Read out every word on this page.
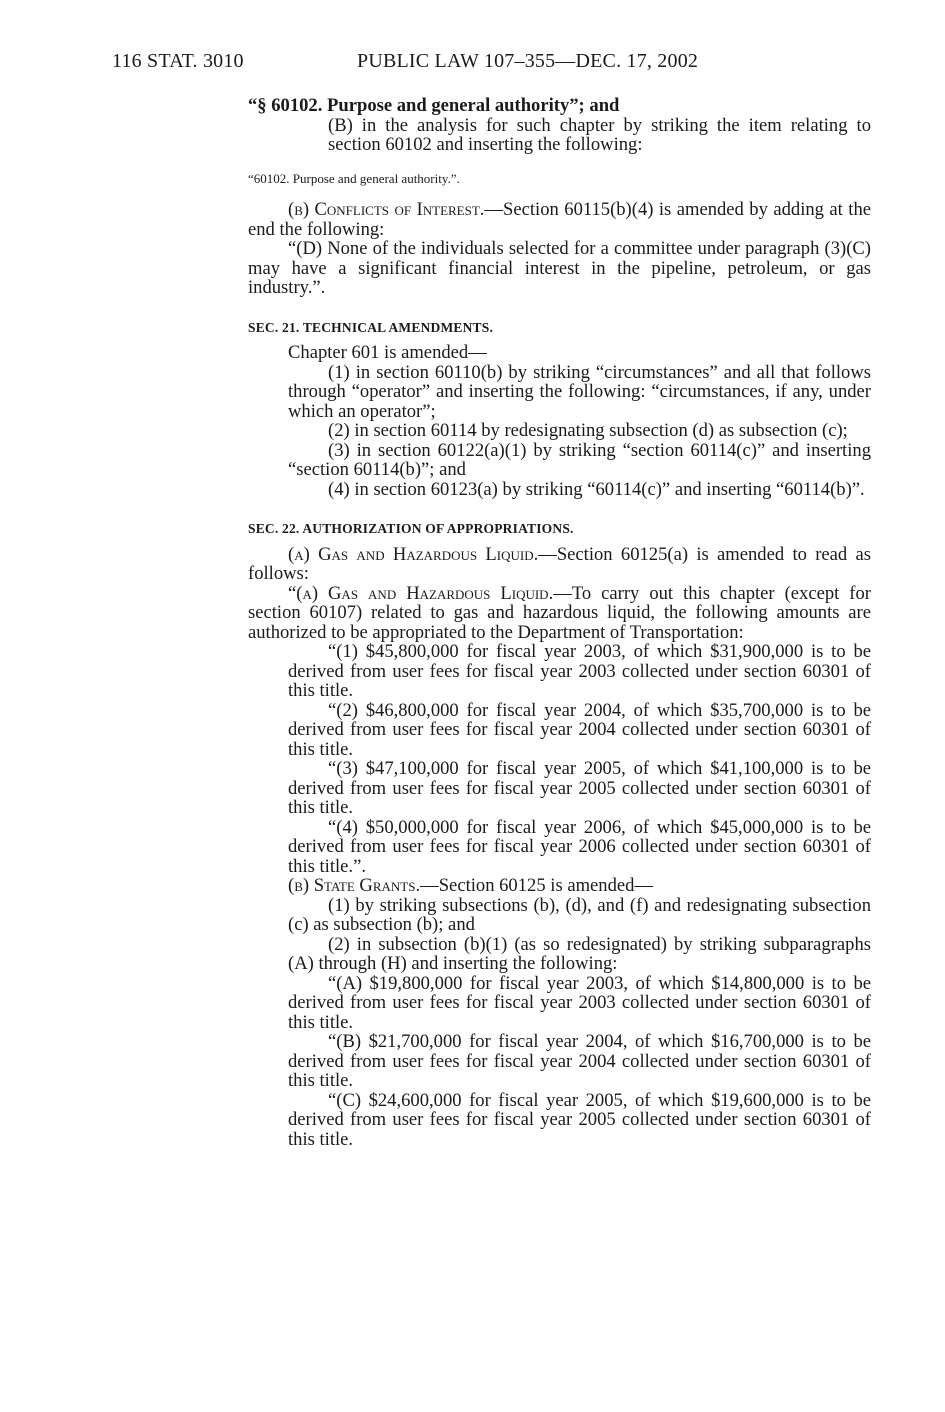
116 STAT. 3010	PUBLIC LAW 107–355—DEC. 17, 2002

“§ 60102. Purpose and general authority”; and

(B) in the analysis for such chapter by striking the item relating to section 60102 and inserting the following:

“60102. Purpose and general authority.”.

(b) Conflicts of Interest.—Section 60115(b)(4) is amended by adding at the end the following:

“(D) None of the individuals selected for a committee under paragraph (3)(C) may have a significant financial interest in the pipeline, petroleum, or gas industry.”.

SEC. 21. TECHNICAL AMENDMENTS.

Chapter 601 is amended—

(1) in section 60110(b) by striking “circumstances” and all that follows through “operator” and inserting the following: “circumstances, if any, under which an operator”;

(2) in section 60114 by redesignating subsection (d) as subsection (c);

(3) in section 60122(a)(1) by striking “section 60114(c)” and inserting “section 60114(b)”; and

(4) in section 60123(a) by striking “60114(c)” and inserting “60114(b)”.

SEC. 22. AUTHORIZATION OF APPROPRIATIONS.

(a) Gas and Hazardous Liquid.—Section 60125(a) is amended to read as follows:

“(a) Gas and Hazardous Liquid.—To carry out this chapter (except for section 60107) related to gas and hazardous liquid, the following amounts are authorized to be appropriated to the Department of Transportation:

“(1) $45,800,000 for fiscal year 2003, of which $31,900,000 is to be derived from user fees for fiscal year 2003 collected under section 60301 of this title.

“(2) $46,800,000 for fiscal year 2004, of which $35,700,000 is to be derived from user fees for fiscal year 2004 collected under section 60301 of this title.

“(3) $47,100,000 for fiscal year 2005, of which $41,100,000 is to be derived from user fees for fiscal year 2005 collected under section 60301 of this title.

“(4) $50,000,000 for fiscal year 2006, of which $45,000,000 is to be derived from user fees for fiscal year 2006 collected under section 60301 of this title.”.

(b) State Grants.—Section 60125 is amended—

(1) by striking subsections (b), (d), and (f) and redesignating subsection (c) as subsection (b); and

(2) in subsection (b)(1) (as so redesignated) by striking subparagraphs (A) through (H) and inserting the following:

“(A) $19,800,000 for fiscal year 2003, of which $14,800,000 is to be derived from user fees for fiscal year 2003 collected under section 60301 of this title.

“(B) $21,700,000 for fiscal year 2004, of which $16,700,000 is to be derived from user fees for fiscal year 2004 collected under section 60301 of this title.

“(C) $24,600,000 for fiscal year 2005, of which $19,600,000 is to be derived from user fees for fiscal year 2005 collected under section 60301 of this title.
